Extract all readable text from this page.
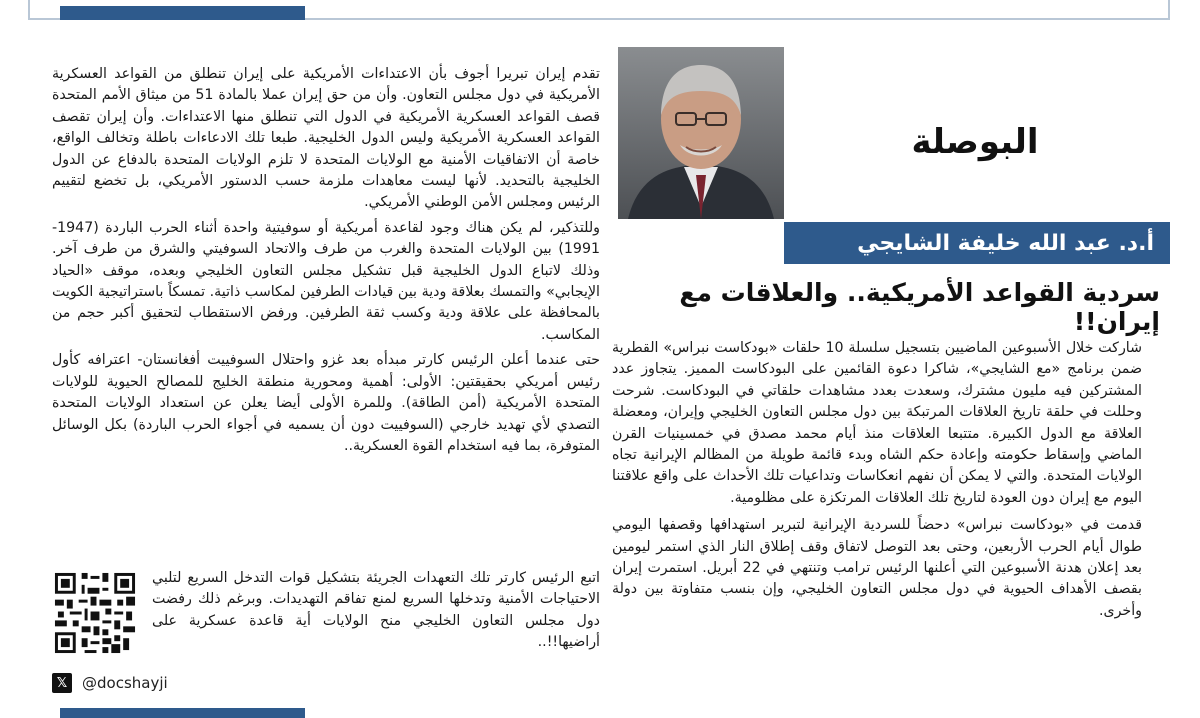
تقدم إيران تبريرا أجوف بأن الاعتداءات الأمريكية على إيران تنطلق من القواعد العسكرية الأمريكية في دول مجلس التعاون. وأن من حق إيران عملا بالمادة 51 من ميثاق الأمم المتحدة قصف القواعد العسكرية الأمريكية في الدول التي تنطلق منها الاعتداءات. وأن إيران تقصف القواعد العسكرية الأمريكية وليس الدول الخليجية. طبعا تلك الادعاءات باطلة وتخالف الواقع، خاصة أن الاتفاقيات الأمنية مع الولايات المتحدة لا تلزم الولايات المتحدة بالدفاع عن الدول الخليجية بالتحديد. لأنها ليست معاهدات ملزمة حسب الدستور الأمريكي، بل تخضع لتقييم الرئيس ومجلس الأمن الوطني الأمريكي.

وللتذكير، لم يكن هناك وجود لقاعدة أمريكية أو سوفيتية واحدة أثناء الحرب الباردة (1947-1991) بين الولايات المتحدة والغرب من طرف والاتحاد السوفيتي والشرق من طرف آخر. وذلك لاتباع الدول الخليجية قبل تشكيل مجلس التعاون الخليجي وبعده، موقف «الحياد الإيجابي» والتمسك بعلاقة ودية بين قيادات الطرفين لمكاسب ذاتية. تمسكاً باستراتيجية الكويت بالمحافظة على علاقة ودية وكسب ثقة الطرفين. ورفض الاستقطاب لتحقيق أكبر حجم من المكاسب.

حتى عندما أعلن الرئيس كارتر مبدأه بعد غزو واحتلال السوفييت أفغانستان- اعترافه كأول رئيس أمريكي بحقيقتين: الأولى: أهمية ومحورية منطقة الخليج للمصالح الحيوية للولايات المتحدة الأمريكية (أمن الطاقة). وللمرة الأولى أيضا يعلن عن استعداد الولايات المتحدة التصدي لأي تهديد خارجي (السوفييت دون أن يسميه في أجواء الحرب الباردة) بكل الوسائل المتوفرة، بما فيه استخدام القوة العسكرية..

اتبع الرئيس كارتر تلك التعهدات الجريئة بتشكيل قوات التدخل السريع لتلبي الاحتياجات الأمنية وتدخلها السريع لمنع تفاقم التهديدات. وبرغم ذلك رفضت دول مجلس التعاون الخليجي منح الولايات أية قاعدة عسكرية على أراضيها!!..
𝕏 @docshayji
البوصلة
أ.د. عبد الله خليفة الشايجي
سردية القواعد الأمريكية.. والعلاقات مع إيران!!

شاركت خلال الأسبوعين الماضيين بتسجيل سلسلة 10 حلقات «بودكاست نبراس» القطرية ضمن برنامج «مع الشايجي»، شاكرا دعوة القائمين على البودكاست المميز. يتجاوز عدد المشتركين فيه مليون مشترك، وسعدت بعدد مشاهدات حلقاتي في البودكاست. شرحت وحللت في حلقة تاريخ العلاقات المرتبكة بين دول مجلس التعاون الخليجي وإيران، ومعضلة العلاقة مع الدول الكبيرة. متتبعا العلاقات منذ أيام محمد مصدق في خمسينيات القرن الماضي وإسقاط حكومته وإعادة حكم الشاه وبدء قائمة طويلة من المظالم الإيرانية تجاه الولايات المتحدة. والتي لا يمكن أن نفهم انعكاسات وتداعيات تلك الأحداث على واقع علاقتنا اليوم مع إيران دون العودة لتاريخ تلك العلاقات المرتكزة على مظلومية.

قدمت في «بودكاست نبراس» دحضاً للسردية الإيرانية لتبرير استهدافها وقصفها اليومي طوال أيام الحرب الأربعين، وحتى بعد التوصل لاتفاق وقف إطلاق النار الذي استمر ليومين بعد إعلان هدنة الأسبوعين التي أعلنها الرئيس ترامب وتنتهي في 22 أبريل. استمرت إيران بقصف الأهداف الحيوية في دول مجلس التعاون الخليجي، وإن بنسب متفاوتة بين دولة وأخرى.
